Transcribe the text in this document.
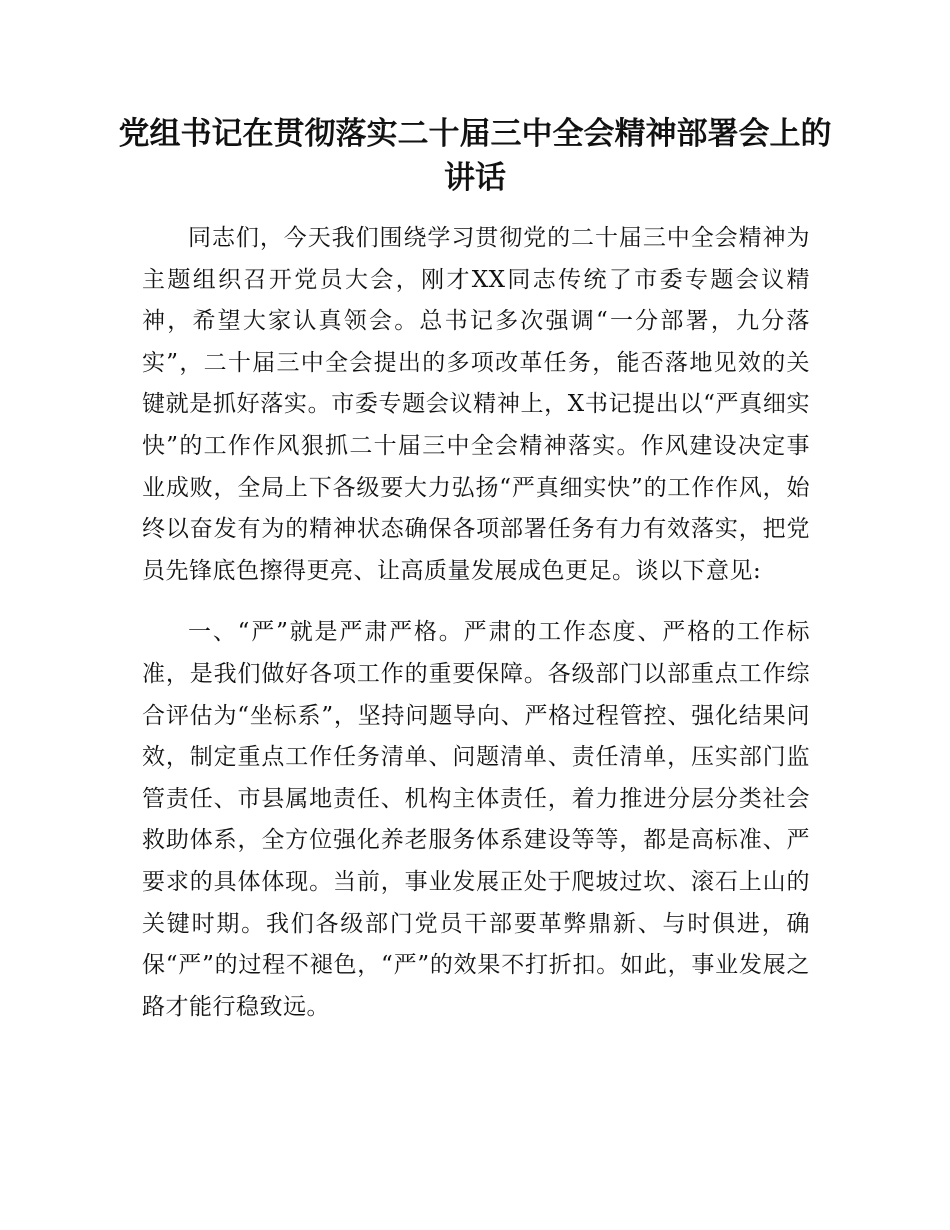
党组书记在贯彻落实二十届三中全会精神部署会上的讲话

同志们，今天我们围绕学习贯彻党的二十届三中全会精神为主题组织召开党员大会，刚才XX同志传统了市委专题会议精神，希望大家认真领会。总书记多次强调“一分部署，九分落实”，二十届三中全会提出的多项改革任务，能否落地见效的关键就是抓好落实。市委专题会议精神上，X书记提出以“严真细实快”的工作作风狠抓二十届三中全会精神落实。作风建设决定事业成败，全局上下各级要大力弘扬“严真细实快”的工作作风，始终以奋发有为的精神状态确保各项部署任务有力有效落实，把党员先锋底色擦得更亮、让高质量发展成色更足。谈以下意见:

一、“严”就是严肃严格。严肃的工作态度、严格的工作标准，是我们做好各项工作的重要保障。各级部门以部重点工作综合评估为“坐标系”，坚持问题导向、严格过程管控、强化结果问效，制定重点工作任务清单、问题清单、责任清单，压实部门监管责任、市县属地责任、机构主体责任，着力推进分层分类社会救助体系，全方位强化养老服务体系建设等等，都是高标准、严要求的具体体现。当前，事业发展正处于爬坡过坎、滚石上山的关键时期。我们各级部门党员干部要革弊鼎新、与时俱进，确保“严”的过程不褪色，“严”的效果不打折扣。如此，事业发展之路才能行稳致远。
